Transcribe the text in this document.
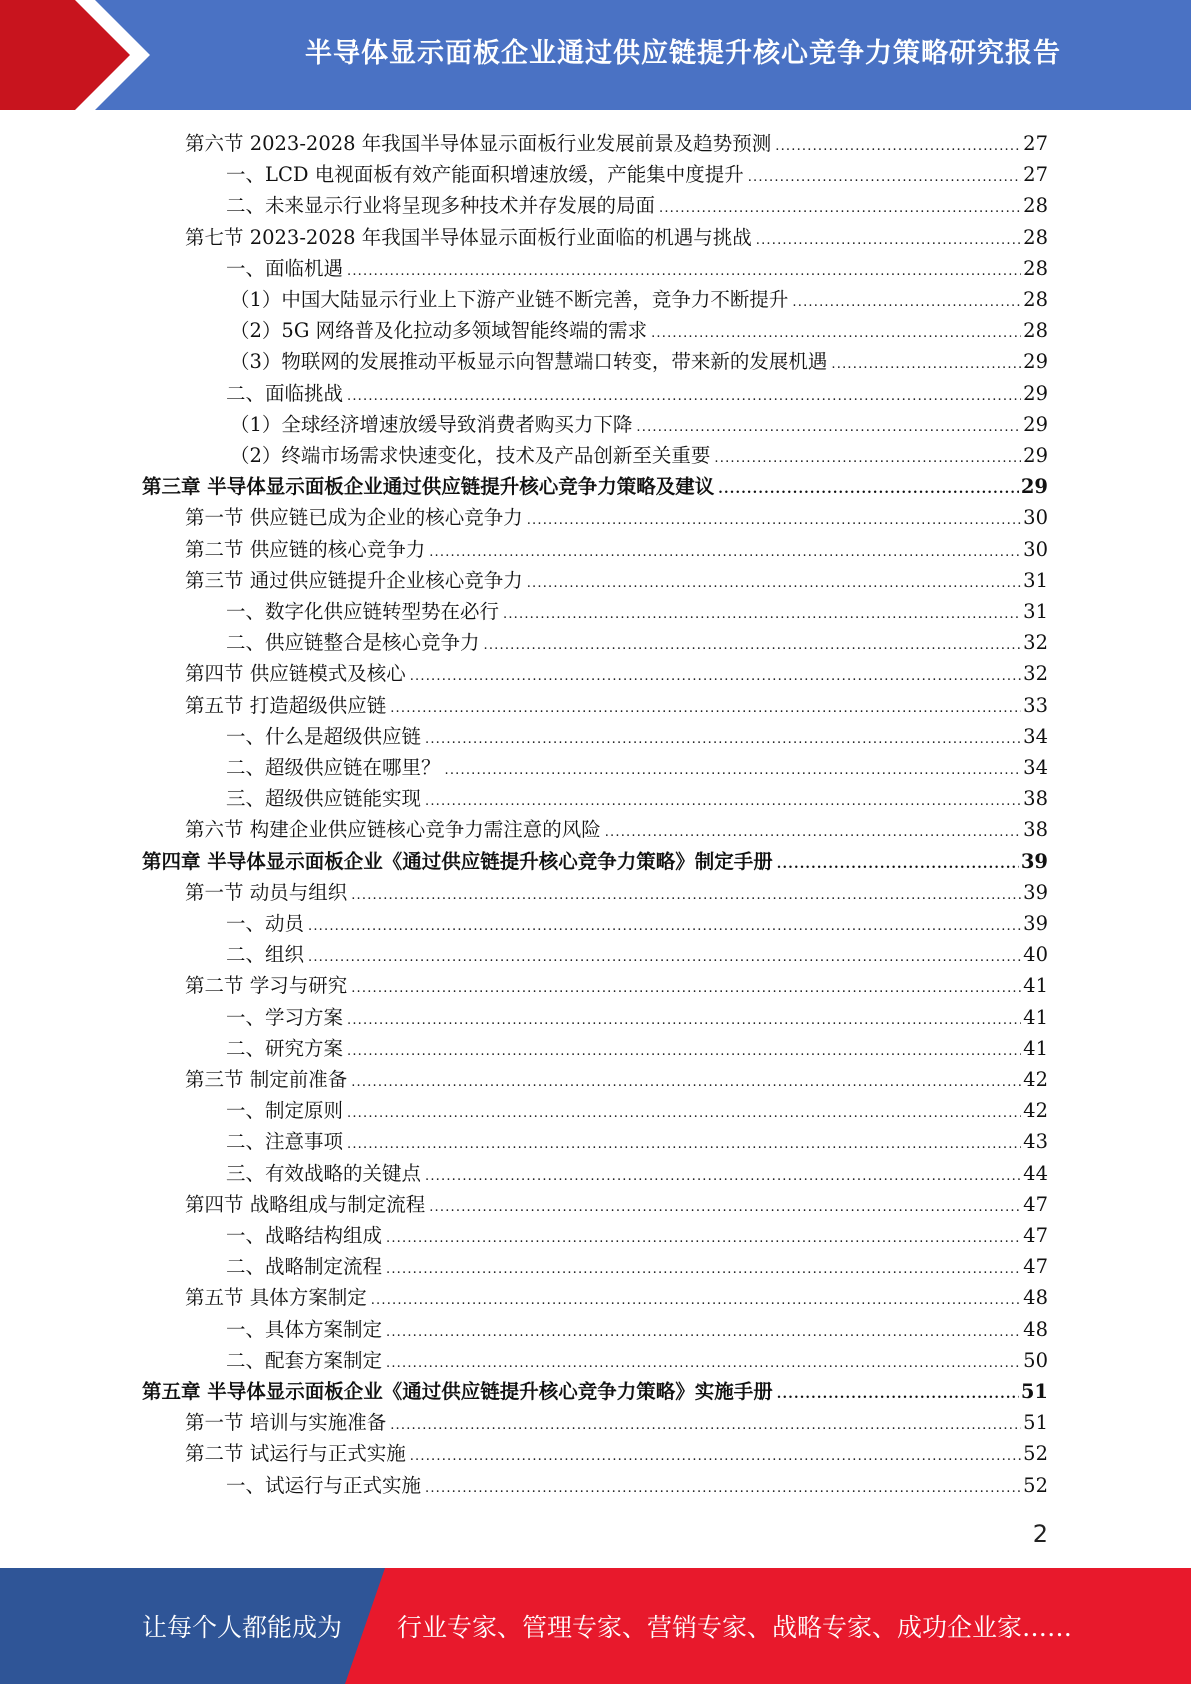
半导体显示面板企业通过供应链提升核心竞争力策略研究报告
第六节 2023-2028 年我国半导体显示面板行业发展前景及趋势预测 .....	27
一、LCD 电视面板有效产能面积增速放缓，产能集中度提升 .....	27
二、未来显示行业将呈现多种技术并存发展的局面 .....	28
第七节 2023-2028 年我国半导体显示面板行业面临的机遇与挑战 .....	28
一、面临机遇 .....	28
（1）中国大陆显示行业上下游产业链不断完善，竞争力不断提升 .....	28
（2）5G 网络普及化拉动多领域智能终端的需求 .....	28
（3）物联网的发展推动平板显示向智慧端口转变，带来新的发展机遇 .....	29
二、面临挑战 .....	29
（1）全球经济增速放缓导致消费者购买力下降 .....	29
（2）终端市场需求快速变化，技术及产品创新至关重要 .....	29
第三章 半导体显示面板企业通过供应链提升核心竞争力策略及建议 .....	29
第一节 供应链已成为企业的核心竞争力 .....	30
第二节 供应链的核心竞争力 .....	30
第三节 通过供应链提升企业核心竞争力 .....	31
一、数字化供应链转型势在必行 .....	31
二、供应链整合是核心竞争力 .....	32
第四节 供应链模式及核心 .....	32
第五节 打造超级供应链 .....	33
一、什么是超级供应链 .....	34
二、超级供应链在哪里？ .....	34
三、超级供应链能实现 .....	38
第六节 构建企业供应链核心竞争力需注意的风险 .....	38
第四章 半导体显示面板企业《通过供应链提升核心竞争力策略》制定手册 .....	39
第一节 动员与组织 .....	39
一、动员 .....	39
二、组织 .....	40
第二节 学习与研究 .....	41
一、学习方案 .....	41
二、研究方案 .....	41
第三节 制定前准备 .....	42
一、制定原则 .....	42
二、注意事项 .....	43
三、有效战略的关键点 .....	44
第四节 战略组成与制定流程 .....	47
一、战略结构组成 .....	47
二、战略制定流程 .....	47
第五节 具体方案制定 .....	48
一、具体方案制定 .....	48
二、配套方案制定 .....	50
第五章 半导体显示面板企业《通过供应链提升核心竞争力策略》实施手册 .....	51
第一节 培训与实施准备 .....	51
第二节 试运行与正式实施 .....	52
一、试运行与正式实施 .....	52
2
让每个人都能成为 行业专家、管理专家、营销专家、战略专家、成功企业家……
